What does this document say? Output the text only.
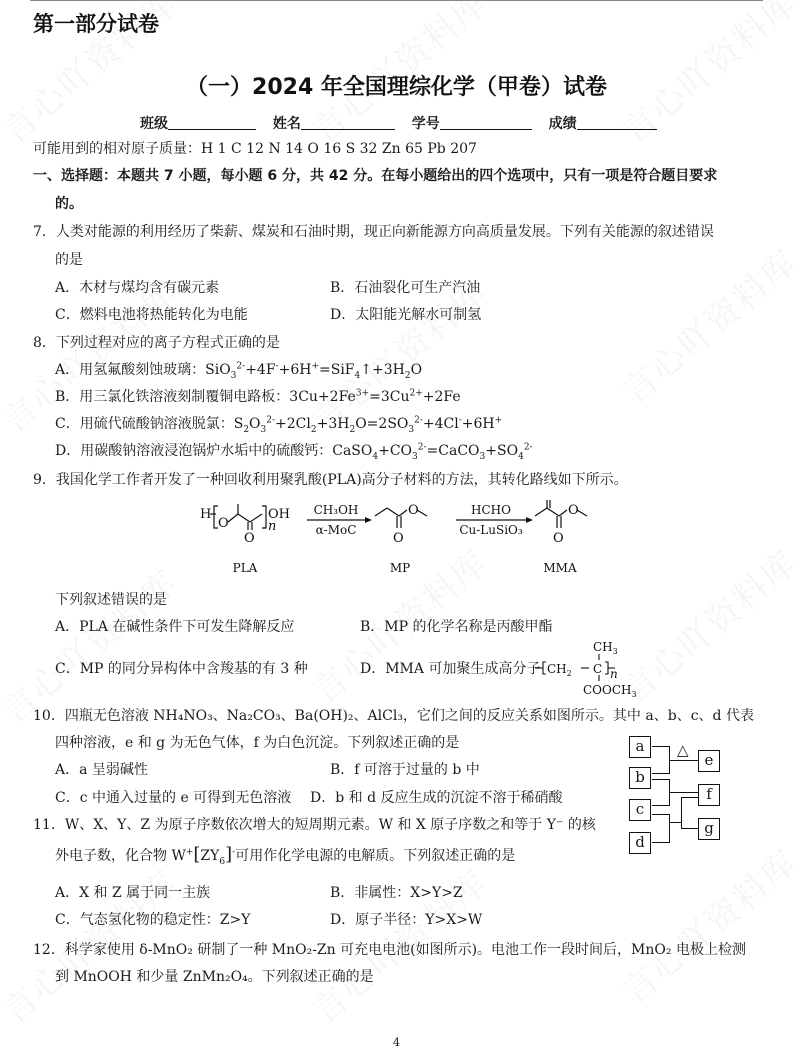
第一部分试卷
（一）2024 年全国理综化学（甲卷）试卷
班级	姓名	学号	成绩
可能用到的相对原子质量：H 1 C 12 N 14 O 16 S 32 Zn 65 Pb 207
一、选择题：本题共 7 小题，每小题 6 分，共 42 分。在每小题给出的四个选项中，只有一项是符合题目要求
的。
7．人类对能源的利用经历了柴薪、煤炭和石油时期，现正向新能源方向高质量发展。下列有关能源的叙述错误
的是
A．木材与煤均含有碳元素	B．石油裂化可生产汽油
C．燃料电池将热能转化为电能	D．太阳能光解水可制氢
8．下列过程对应的离子方程式正确的是
A．用氢氟酸刻蚀玻璃：$SiO_3^{2-}+4F^-+6H^+=SiF_4↑+3H_2O$
B．用三氯化铁溶液刻制覆铜电路板：$3Cu+2Fe^{3+}=3Cu^{2+}+2Fe$
C．用硫代硫酸钠溶液脱氯：$S_2O_3^{2-}+2Cl_2+3H_2O=2SO_3^{2-}+4Cl^-+6H^+$
D．用碳酸钠溶液浸泡锅炉水垢中的硫酸钙：$CaSO_4+CO_3^{2-}=CaCO_3+SO_4^{2-}$
9．我国化学工作者开发了一种回收利用聚乳酸(PLA)高分子材料的方法，其转化路线如下所示。
H
O
O
OH
n
O
O
O
O
CH₃OH
α-MoC
HCHO
Cu-LuSiO₃
PLA	MP	MMA
下列叙述错误的是
A．PLA 在碱性条件下可发生降解反应	B．MP 的化学名称是丙酸甲酯
C．MP 的同分异构体中含羧基的有 3 种	D．MMA 可加聚生成高分子
$CH_3$
$CH_2$ C n
$COOCH_3$
10．四瓶无色溶液 NH₄NO₃、Na₂CO₃、Ba(OH)₂、AlCl₃，它们之间的反应关系如图所示。其中 a、b、c、d 代表
四种溶液，e 和 g 为无色气体，f 为白色沉淀。下列叙述正确的是
A．a 呈弱碱性	B．f 可溶于过量的 b 中
C．c 中通入过量的 e 可得到无色溶液 D．b 和 d 反应生成的沉淀不溶于稀硝酸
a
b
c
d
e
f
g
△
11．W、X、Y、Z 为原子序数依次增大的短周期元素。W 和 X 原子序数之和等于 Y⁻ 的核
外电子数，化合物 $W^+[ZY_6]^-$可用作化学电源的电解质。下列叙述正确的是
A．X 和 Z 属于同一主族	B．非属性：X>Y>Z
C．气态氢化物的稳定性：Z>Y	D．原子半径：Y>X>W
12．科学家使用 δ-MnO₂ 研制了一种 MnO₂-Zn 可充电电池(如图所示)。电池工作一段时间后，MnO₂ 电极上检测
到 MnOOH 和少量 ZnMn₂O₄。下列叙述正确的是
4
